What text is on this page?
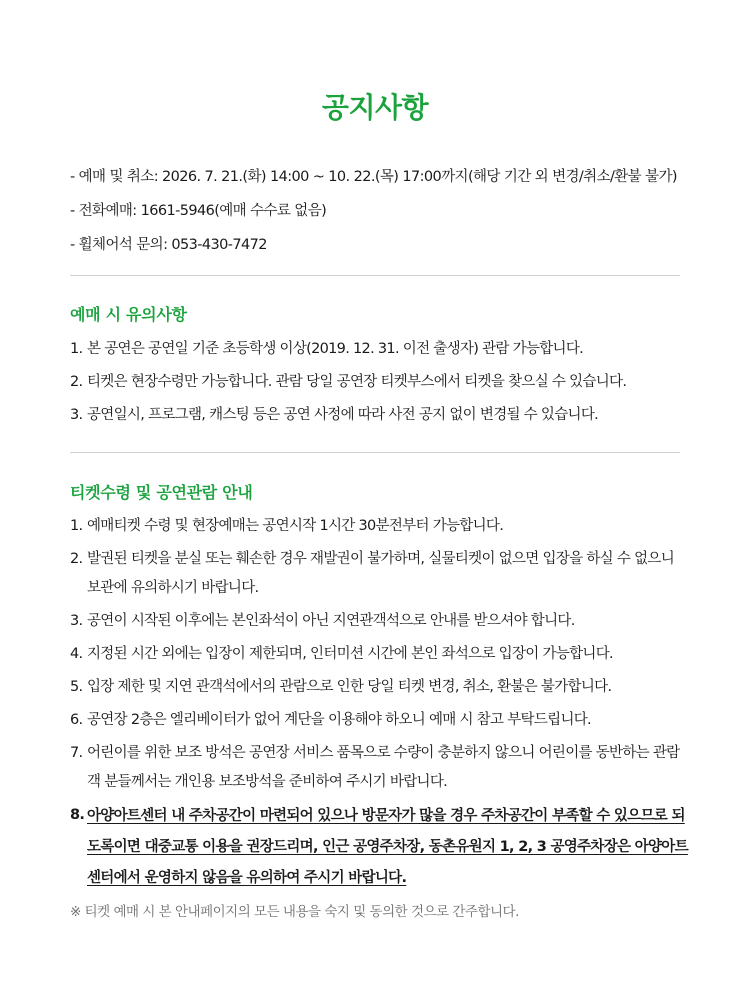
공지사항
- 예매 및 취소: 2026. 7. 21.(화) 14:00 ~ 10. 22.(목) 17:00까지(해당 기간 외 변경/취소/환불 불가)
- 전화예매: 1661-5946(예매 수수료 없음)
- 휠체어석 문의: 053-430-7472
예매 시 유의사항
1. 본 공연은 공연일 기준 초등학생 이상(2019. 12. 31. 이전 출생자) 관람 가능합니다.
2. 티켓은 현장수령만 가능합니다. 관람 당일 공연장 티켓부스에서 티켓을 찾으실 수 있습니다.
3. 공연일시, 프로그램, 캐스팅 등은 공연 사정에 따라 사전 공지 없이 변경될 수 있습니다.
티켓수령 및 공연관람 안내
1. 예매티켓 수령 및 현장예매는 공연시작 1시간 30분전부터 가능합니다.
2. 발권된 티켓을 분실 또는 훼손한 경우 재발권이 불가하며, 실물티켓이 없으면 입장을 하실 수 없으니 보관에 유의하시기 바랍니다.
3. 공연이 시작된 이후에는 본인좌석이 아닌 지연관객석으로 안내를 받으셔야 합니다.
4. 지정된 시간 외에는 입장이 제한되며, 인터미션 시간에 본인 좌석으로 입장이 가능합니다.
5. 입장 제한 및 지연 관객석에서의 관람으로 인한 당일 티켓 변경, 취소, 환불은 불가합니다.
6. 공연장 2층은 엘리베이터가 없어 계단을 이용해야 하오니 예매 시 참고 부탁드립니다.
7. 어린이를 위한 보조 방석은 공연장 서비스 품목으로 수량이 충분하지 않으니 어린이를 동반하는 관람객 분들께서는 개인용 보조방석을 준비하여 주시기 바랍니다.
8. 아양아트센터 내 주차공간이 마련되어 있으나 방문자가 많을 경우 주차공간이 부족할 수 있으므로 되도록이면 대중교통 이용을 권장드리며, 인근 공영주차장, 동촌유원지 1, 2, 3 공영주차장은 아양아트센터에서 운영하지 않음을 유의하여 주시기 바랍니다.
※ 티켓 예매 시 본 안내페이지의 모든 내용을 숙지 및 동의한 것으로 간주합니다.
